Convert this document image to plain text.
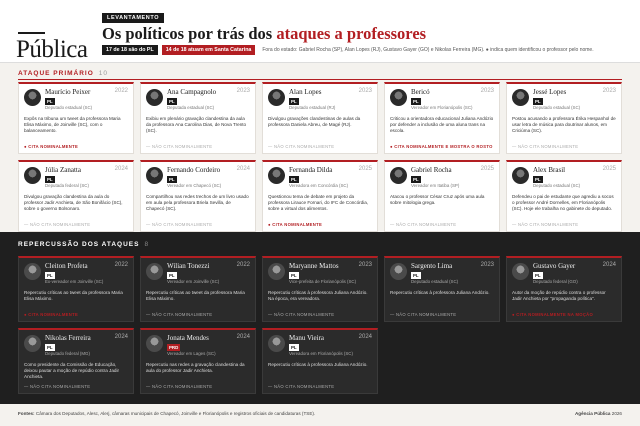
Pública
LEVANTAMENTO
Os políticos por trás dos ataques a professores
17 de 18 são do PL	14 de 18 atuam em Santa Catarina	Fora do estado: Gabriel Rocha (SP), Alan Lopes (RJ), Gustavo Gayer (GO) e Nikolas Ferreira (MG). ● indica quem identificou o professor pelo nome.
ATAQUE PRIMÁRIO 10
Maurício Peixer	2022
PL
Deputado estadual (SC)
Expôs na tribuna um tweet da professora Maria Elisa Máximo, de Joinville (SC), com o balanceamento.
● CITA NOMINALMENTE
Ana Campagnolo	2023
PL
Deputada estadual (SC)
Exibiu em plenário gravação clandestina da aula da professora Ana Carolina Dias, de Nova Trento (SC).
— NÃO CITA NOMINALMENTE
Alan Lopes	2023
PL
Deputado estadual (RJ)
Divulgou gravações clandestinas de aulas da professora Daniela Abreu, de Magé (RJ).
— NÃO CITA NOMINALMENTE
Bericó	2023
PL
Vereador em Florianópolis (SC)
Criticou a orientadora educacional Juliana Andózio por defender a inclusão de uma aluna trans na escola.
● CITA NOMINALMENTE E MOSTRA O ROSTO
Jessé Lopes	2023
PL
Deputado estadual (SC)
Postou acusando a professora Érika Hespanhol de usar letra de música para doutrinar alunos, em Criciúma (SC).
— NÃO CITA NOMINALMENTE
Júlia Zanatta	2024
PL
Deputada federal (SC)
Divulgou gravação clandestina da aula do professor Jadir Anchieta, de São Bonifácio (SC), sobre o governo Bolsonaro.
— NÃO CITA NOMINALMENTE
Fernando Cordeiro	2024
PL
Vereador em Chapecó (SC)
Compartilhou nas redes trechos de um livro usado em aula pela professora Briela Sevilla, de Chapecó (SC).
— NÃO CITA NOMINALMENTE
Fernanda Dilda	2025
PL
Vereadora em Concórdia (SC)
Questionou tema de debate em projeto da professora Lirauce Fornari, do IFC de Concórdia, sobre a virtual dos alimentos.
● CITA NOMINALMENTE
Gabriel Rocha	2025
PL
Vereador em Itatiba (SP)
Atacou o professor César Cruz após uma aula sobre mitologia grega.
— NÃO CITA NOMINALMENTE
Alex Brasil	2025
PL
Deputado estadual (SC)
Defendeu o pai de estudante que agrediu a socos o professor André Dornelles, em Florianópolis (SC). Hoje ele trabalha no gabinete do deputado.
— NÃO CITA NOMINALMENTE
REPERCUSSÃO DOS ATAQUES 8
Cleiton Profeta	2022
PL
Ex-vereador em Joinville (SC)
Repercutiu críticas ao tweet da professora Maria Elisa Máximo.
● CITA NOMINALMENTE
Wilian Tonezzi	2022
PL
Vereador em Joinville (SC)
Repercutiu críticas ao tweet da professora Maria Elisa Máximo.
— NÃO CITA NOMINALMENTE
Maryanne Mattos	2023
PL
Vice-prefeita de Florianópolis (SC)
Repercutiu críticas à professora Juliana Andózio. Na época, era vereadora.
— NÃO CITA NOMINALMENTE
Sargento Lima	2023
PL
Deputado estadual (SC)
Repercutiu críticas à professora Juliana Andózio.
— NÃO CITA NOMINALMENTE
Gustavo Gayer	2024
PL
Deputado federal (GO)
Autor da moção de repúdio contra o professor Jadir Anchieta por "propaganda política".
● CITA NOMINALMENTE NA MOÇÃO
Nikolas Ferreira	2024
PL
Deputado federal (MG)
Como presidente da Comissão de Educação, deixou pautar a moção de repúdio contra Jadir Anchieta.
— NÃO CITA NOMINALMENTE
Jonata Mendes	2024
PRD
Vereador em Lages (SC)
Repercutiu nas redes a gravação clandestina da aula do professor Jadir Anchieta.
— NÃO CITA NOMINALMENTE
Manu Vieira	2024
PL
Vereadora em Florianópolis (SC)
Repercutiu críticas à professora Juliana Andózio.
— NÃO CITA NOMINALMENTE
Fontes: Câmara dos Deputados, Alesc, Alerj, câmaras municipais de Chapecó, Joinville e Florianópolis e registros oficiais de candidaturas (TSE).	Agência Pública 2026
